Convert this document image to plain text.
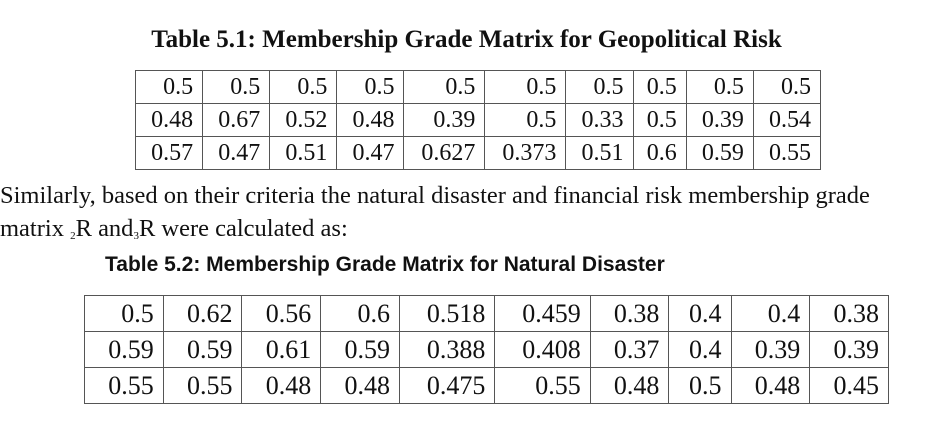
Table 5.1: Membership Grade Matrix for Geopolitical Risk
0.5	0.5	0.5	0.5	0.5	0.5	0.5	0.5	0.5	0.5
0.48	0.67	0.52	0.48	0.39	0.5	0.33	0.5	0.39	0.54
0.57	0.47	0.51	0.47	0.627	0.373	0.51	0.6	0.59	0.55
Similarly, based on their criteria the natural disaster and financial risk membership grade
matrix $_2$R and$_3$R were calculated as:
Table 5.2: Membership Grade Matrix for Natural Disaster
0.5	0.62	0.56	0.6	0.518	0.459	0.38	0.4	0.4	0.38
0.59	0.59	0.61	0.59	0.388	0.408	0.37	0.4	0.39	0.39
0.55	0.55	0.48	0.48	0.475	0.55	0.48	0.5	0.48	0.45
